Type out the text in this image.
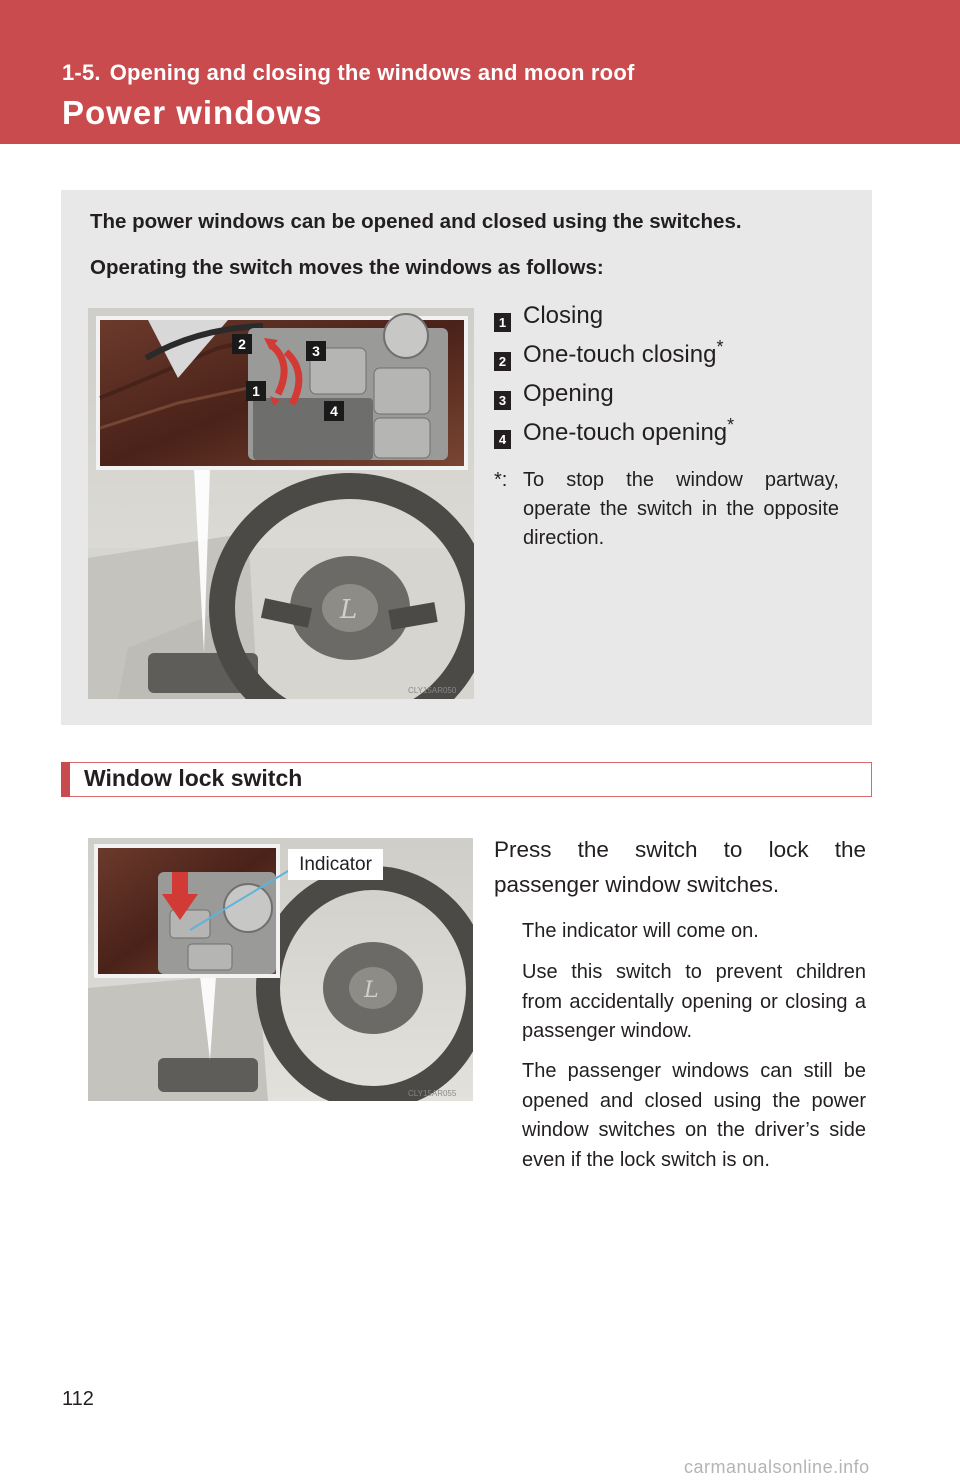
1-5. Opening and closing the windows and moon roof
Power windows
The power windows can be opened and closed using the switches.
Operating the switch moves the windows as follows:
L
2	3
1
4
CLY15AR050
1 Closing
2 One-touch closing*
3 Opening
4 One-touch opening*
*: To stop the window partway, operate the switch in the opposite direction.
Window lock switch
L
CLY15AR055
Indicator
Press the switch to lock the passenger window switches.
The indicator will come on.
Use this switch to prevent children from accidentally opening or closing a passenger window.
The passenger windows can still be opened and closed using the power window switches on the driver’s side even if the lock switch is on.
112
carmanualsonline.info
